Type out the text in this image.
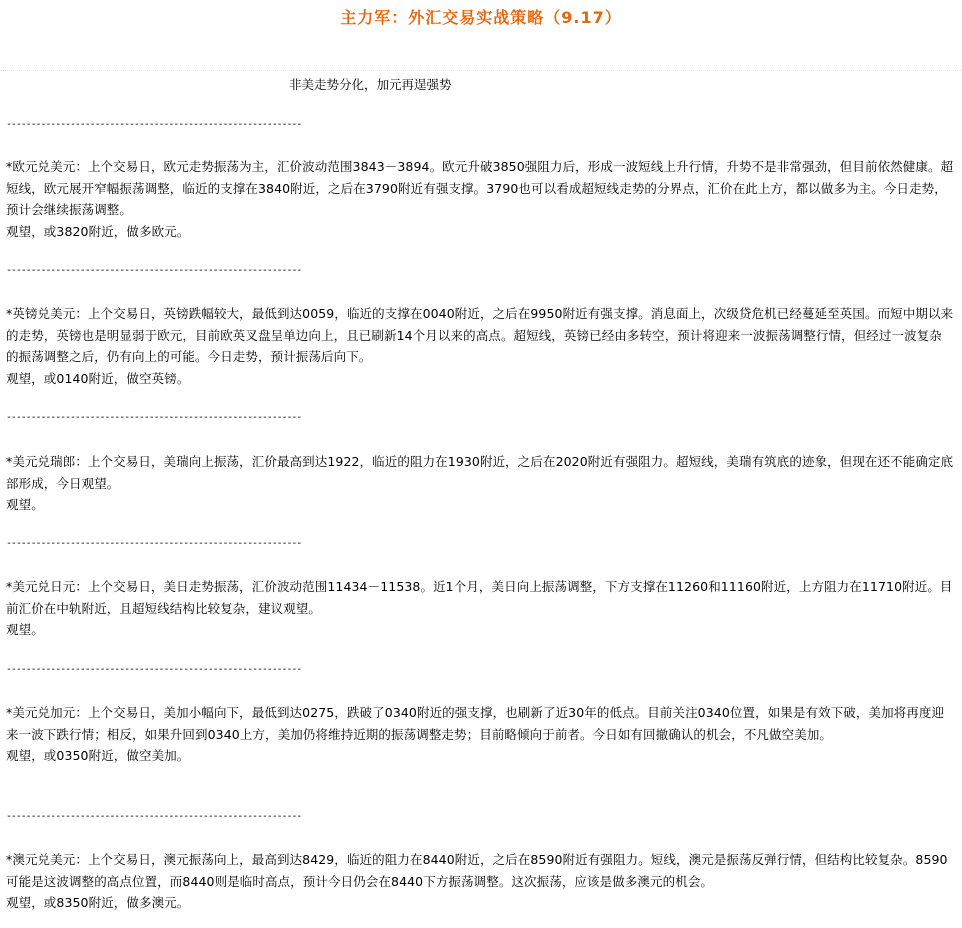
主力军：外汇交易实战策略（9.17）
非美走势分化，加元再逞强势
------------------------------------------------------------

*欧元兑美元：上个交易日，欧元走势振荡为主，汇价波动范围3843－3894。欧元升破3850强阻力后，形成一波短线上升行情，升势不是非常强劲，但目前依然健康。超短线，欧元展开窄幅振荡调整，临近的支撑在3840附近，之后在3790附近有强支撑。3790也可以看成超短线走势的分界点，汇价在此上方，都以做多为主。今日走势，预计会继续振荡调整。

观望，或3820附近，做多欧元。

------------------------------------------------------------

*英镑兑美元：上个交易日，英镑跌幅较大，最低到达0059，临近的支撑在0040附近，之后在9950附近有强支撑。消息面上，次级贷危机已经蔓延至英国。而短中期以来的走势，英镑也是明显弱于欧元，目前欧英叉盘呈单边向上，且已刷新14个月以来的高点。超短线，英镑已经由多转空，预计将迎来一波振荡调整行情，但经过一波复杂的振荡调整之后，仍有向上的可能。今日走势，预计振荡后向下。

观望，或0140附近，做空英镑。

------------------------------------------------------------

*美元兑瑞郎：上个交易日，美瑞向上振荡，汇价最高到达1922，临近的阻力在1930附近，之后在2020附近有强阻力。超短线，美瑞有筑底的迹象，但现在还不能确定底部形成，今日观望。

观望。

------------------------------------------------------------

*美元兑日元：上个交易日，美日走势振荡，汇价波动范围11434－11538。近1个月，美日向上振荡调整，下方支撑在11260和11160附近，上方阻力在11710附近。目前汇价在中轨附近，且超短线结构比较复杂，建议观望。

观望。

------------------------------------------------------------

*美元兑加元：上个交易日，美加小幅向下，最低到达0275，跌破了0340附近的强支撑，也刷新了近30年的低点。目前关注0340位置，如果是有效下破，美加将再度迎来一波下跌行情；相反，如果升回到0340上方，美加仍将维持近期的振荡调整走势；目前略倾向于前者。今日如有回撤确认的机会，不凡做空美加。

观望，或0350附近，做空美加。

------------------------------------------------------------

*澳元兑美元：上个交易日，澳元振荡向上，最高到达8429，临近的阻力在8440附近，之后在8590附近有强阻力。短线，澳元是振荡反弹行情，但结构比较复杂。8590可能是这波调整的高点位置，而8440则是临时高点，预计今日仍会在8440下方振荡调整。这次振荡，应该是做多澳元的机会。

观望，或8350附近，做多澳元。
